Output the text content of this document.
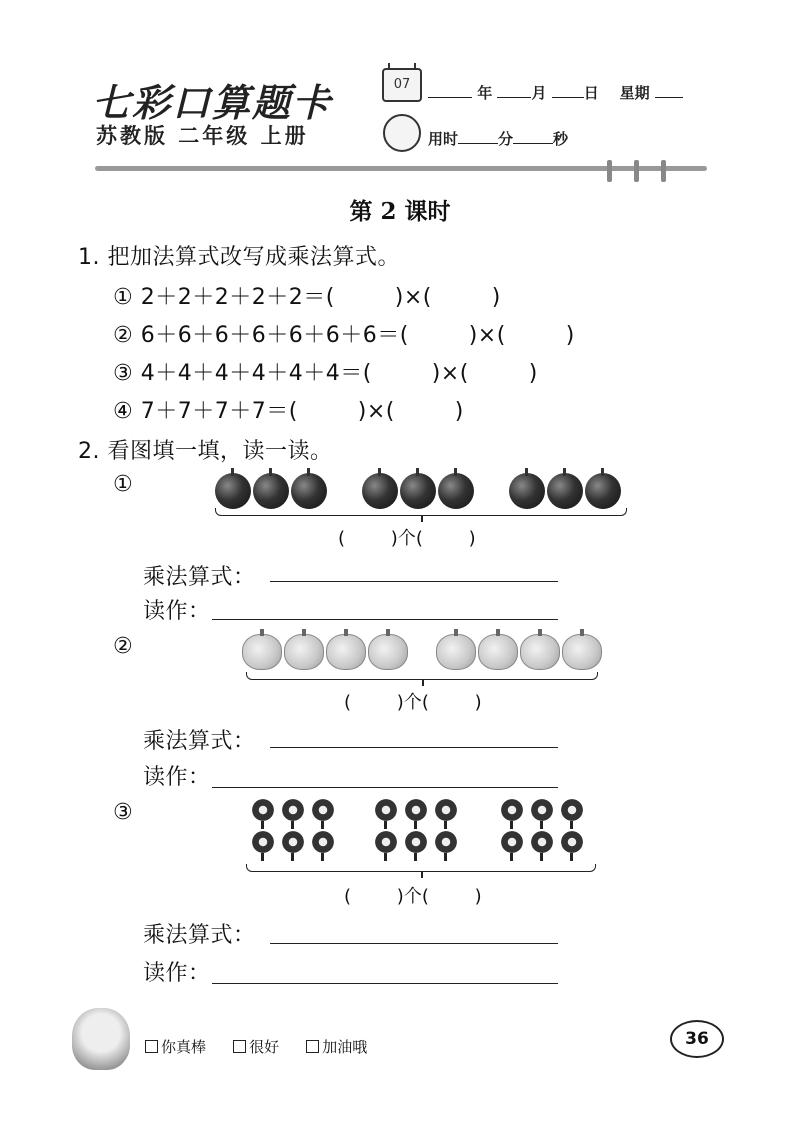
七彩口算题卡
苏教版 二年级 上册
07	年	月 日 星期
用时	分	秒
第 2 课时
1. 把加法算式改写成乘法算式。
① 2＋2＋2＋2＋2＝(        )×(        )
② 6＋6＋6＋6＋6＋6＋6＝(        )×(        )
③ 4＋4＋4＋4＋4＋4＝(        )×(        )
④ 7＋7＋7＋7＝(        )×(        )
2. 看图填一填，读一读。
①
(        )个(        )
乘法算式：
读作：
②
(        )个(        )
乘法算式：
读作：
③
(        )个(        )
乘法算式：
读作：
你真棒
	很好
	加油哦	36
